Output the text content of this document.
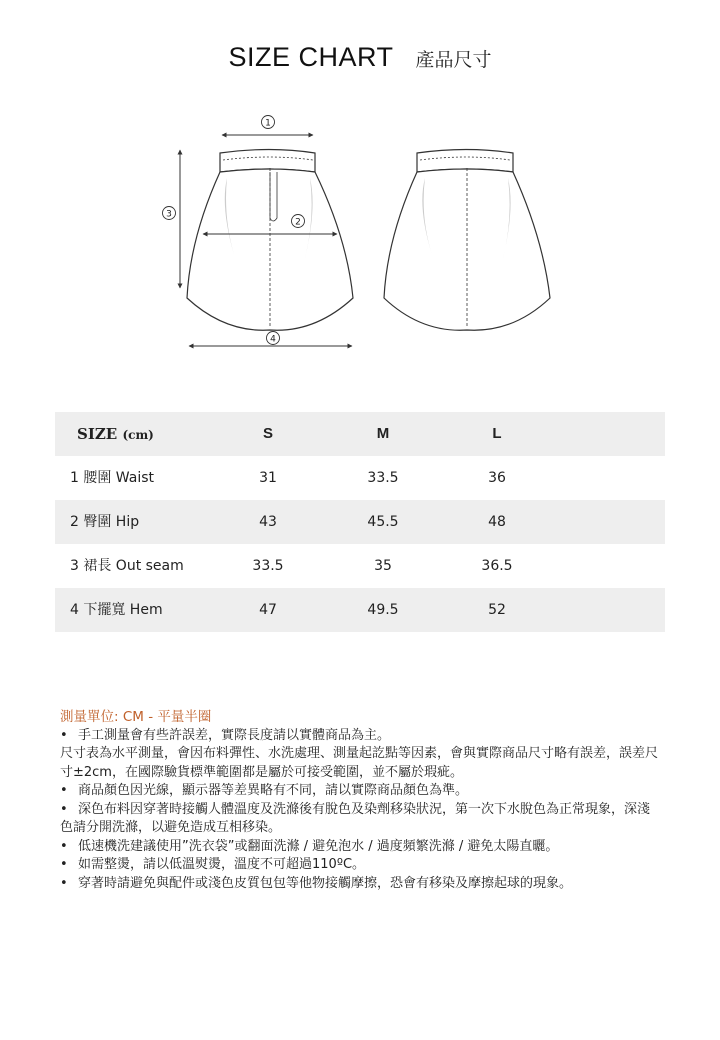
SIZE CHART 產品尺寸
1
2
3
4
SIZE (cm)	S	M	L
1 腰圍 Waist	31	33.5	36
2 臀圍 Hip	43	45.5	48
3 裙長 Out seam	33.5	35	36.5
4 下擺寬 Hem	47	49.5	52
測量單位: CM - 平量半圈
• 手工測量會有些許誤差，實際長度請以實體商品為主。
尺寸表為水平測量，會因布料彈性、水洗處理、測量起訖點等因素，會與實際商品尺寸略有誤差，誤差尺寸±2cm，在國際驗貨標準範圍都是屬於可接受範圍，並不屬於瑕疵。
• 商品顏色因光線，顯示器等差異略有不同，請以實際商品顏色為準。
• 深色布料因穿著時接觸人體溫度及洗滌後有脫色及染劑移染狀況，第一次下水脫色為正常現象，深淺色請分開洗滌，以避免造成互相移染。
• 低速機洗建議使用”洗衣袋”或翻面洗滌 / 避免泡水 / 過度頻繁洗滌 / 避免太陽直曬。
• 如需整燙，請以低溫熨燙，溫度不可超過110ºC。
• 穿著時請避免與配件或淺色皮質包包等他物接觸摩擦，恐會有移染及摩擦起球的現象。
